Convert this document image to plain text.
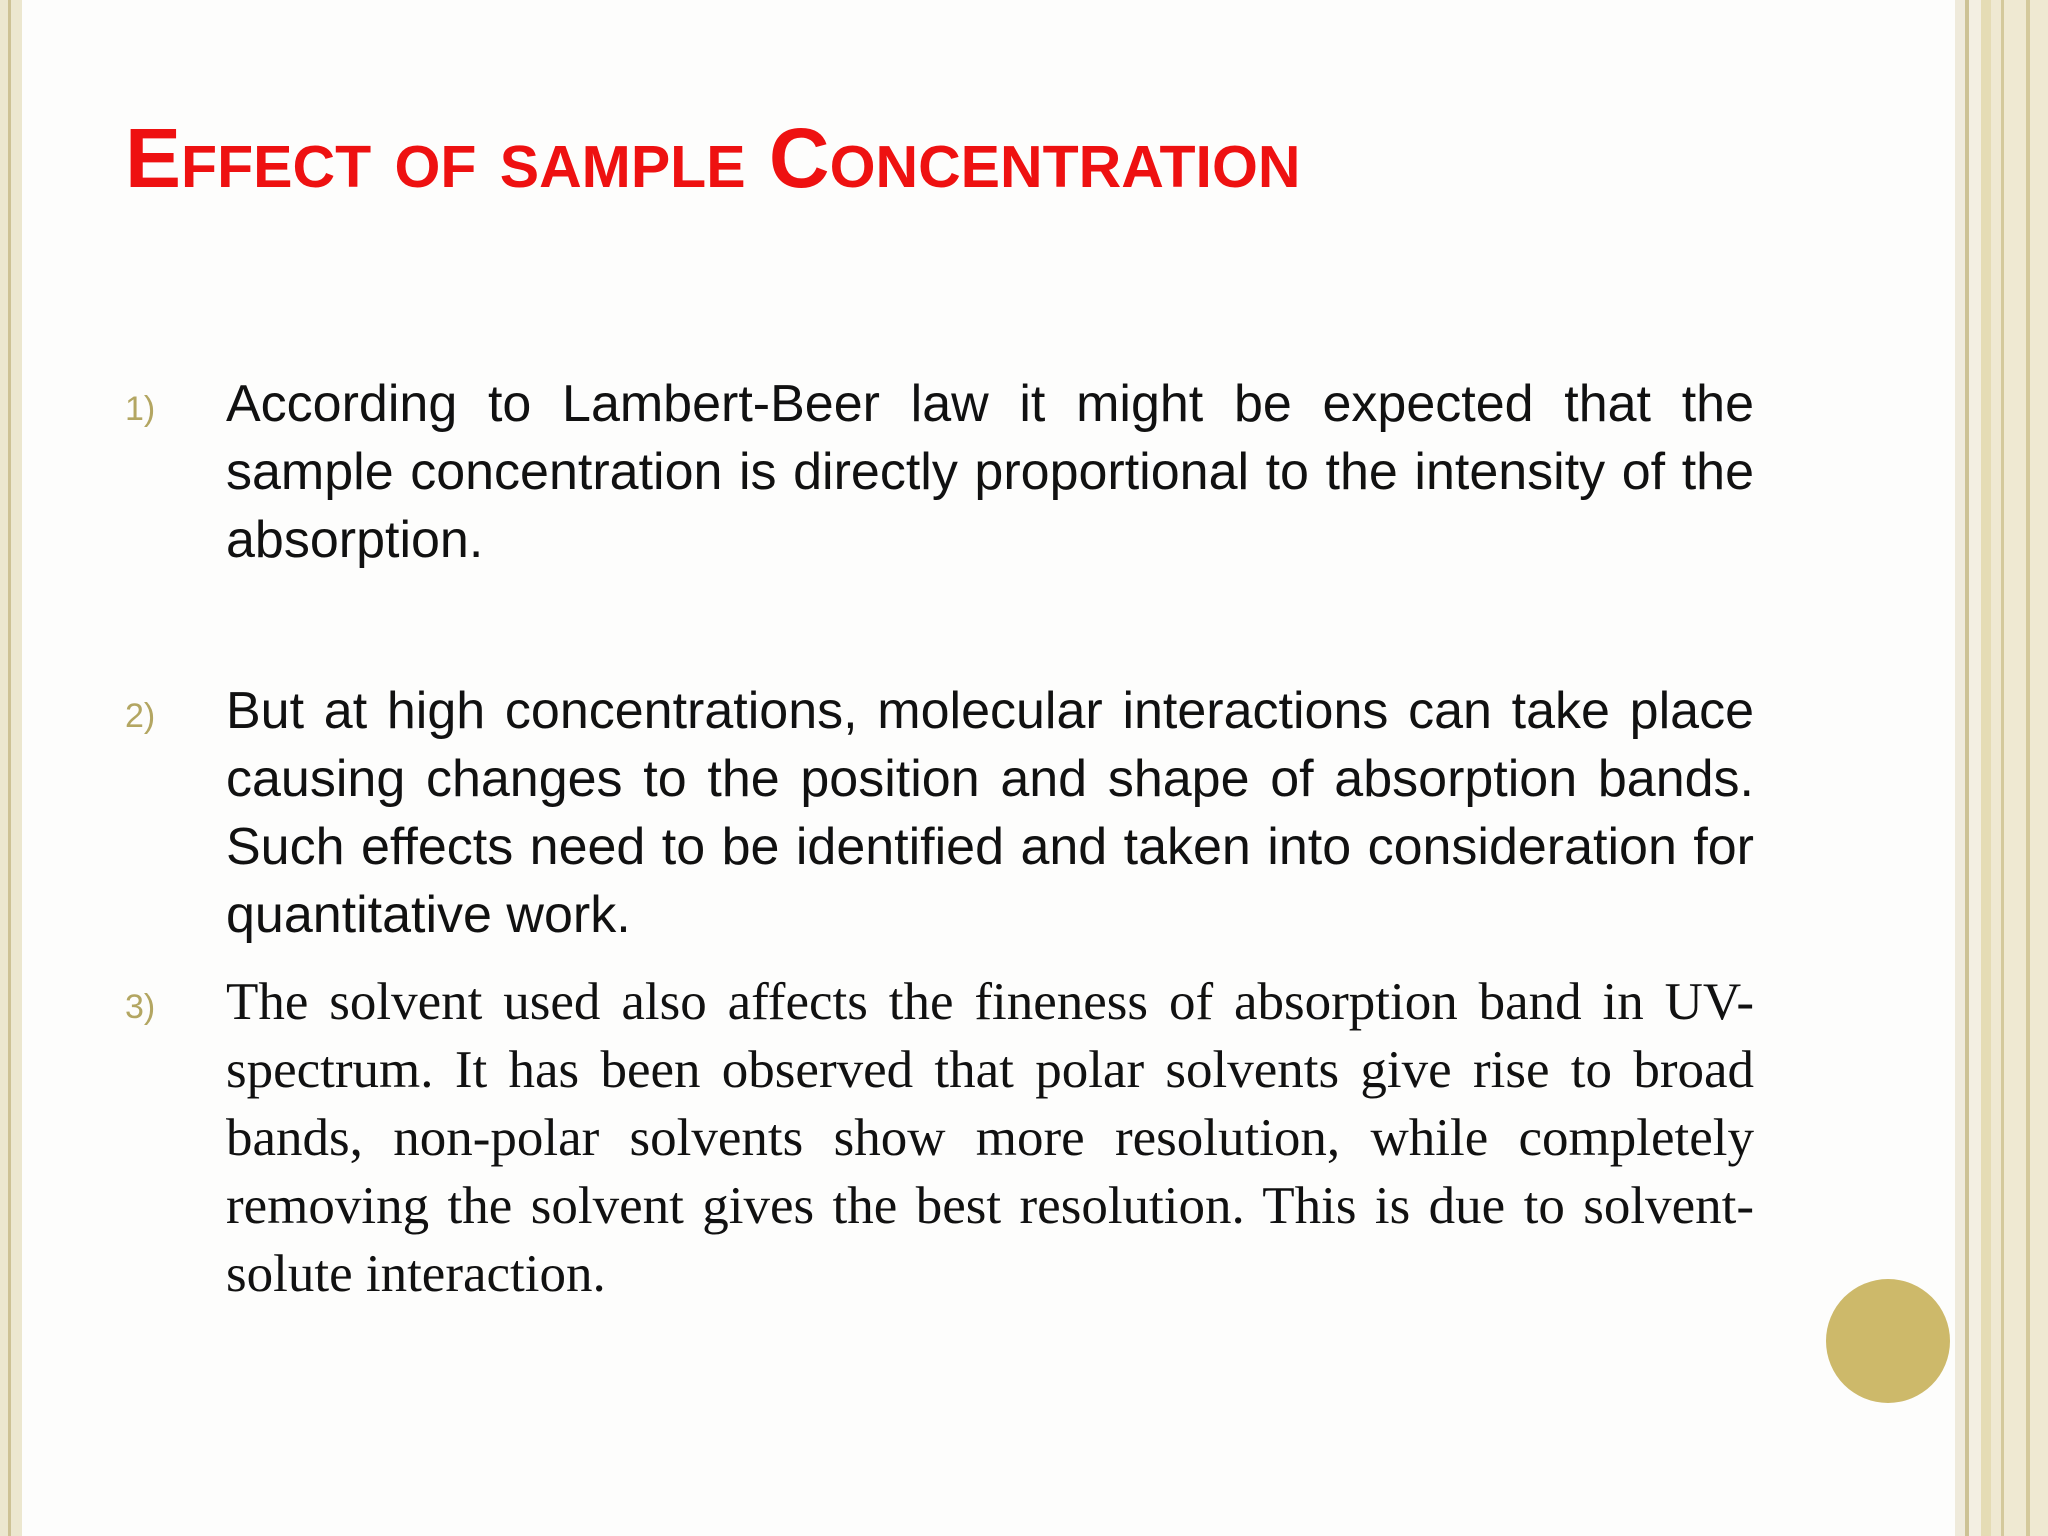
Effect of sample Concentration
1) According to Lambert-Beer law it might be expected that the sample concentration is directly proportional to the intensity of the absorption.

2) But at high concentrations, molecular interactions can take place causing changes to the position and shape of absorption bands. Such effects need to be identified and taken into consideration for quantitative work.

3) The solvent used also affects the fineness of absorption band in UV-spectrum. It has been observed that polar solvents give rise to broad bands, non-polar solvents show more resolution, while completely removing the solvent gives the best resolution. This is due to solvent-solute interaction.
